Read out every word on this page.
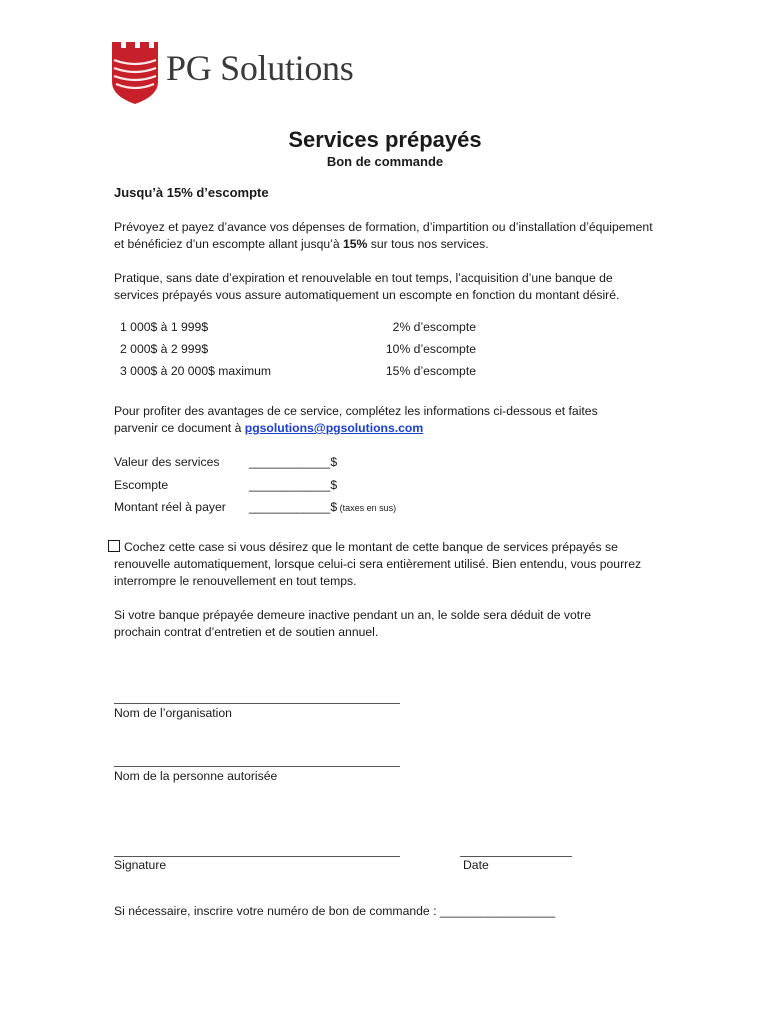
PG Solutions
Services prépayés
Bon de commande
Jusqu’à 15% d’escompte
Prévoyez et payez d’avance vos dépenses de formation, d’impartition ou d’installation d’équipement et bénéficiez d’un escompte allant jusqu’à 15% sur tous nos services.
Pratique, sans date d’expiration et renouvelable en tout temps, l’acquisition d’une banque de services prépayés vous assure automatiquement un escompte en fonction du montant désiré.
1 000$ à 1 999$	2% d’escompte
2 000$ à 2 999$	10% d’escompte
3 000$ à 20 000$ maximum	15% d’escompte
Pour profiter des avantages de ce service, complétez les informations ci-dessous et faites parvenir ce document à pgsolutions@pgsolutions.com
Valeur des services ____________$
Escompte	____________$
Montant réel à payer ____________$ (taxes en sus)
Cochez cette case si vous désirez que le montant de cette banque de services prépayés se renouvelle automatiquement, lorsque celui-ci sera entièrement utilisé. Bien entendu, vous pourrez interrompre le renouvellement en tout temps.
Si votre banque prépayée demeure inactive pendant un an, le solde sera déduit de votre prochain contrat d’entretien et de soutien annuel.
Nom de l’organisation
Nom de la personne autorisée
Signature	Date
Si nécessaire, inscrire votre numéro de bon de commande : _________________
